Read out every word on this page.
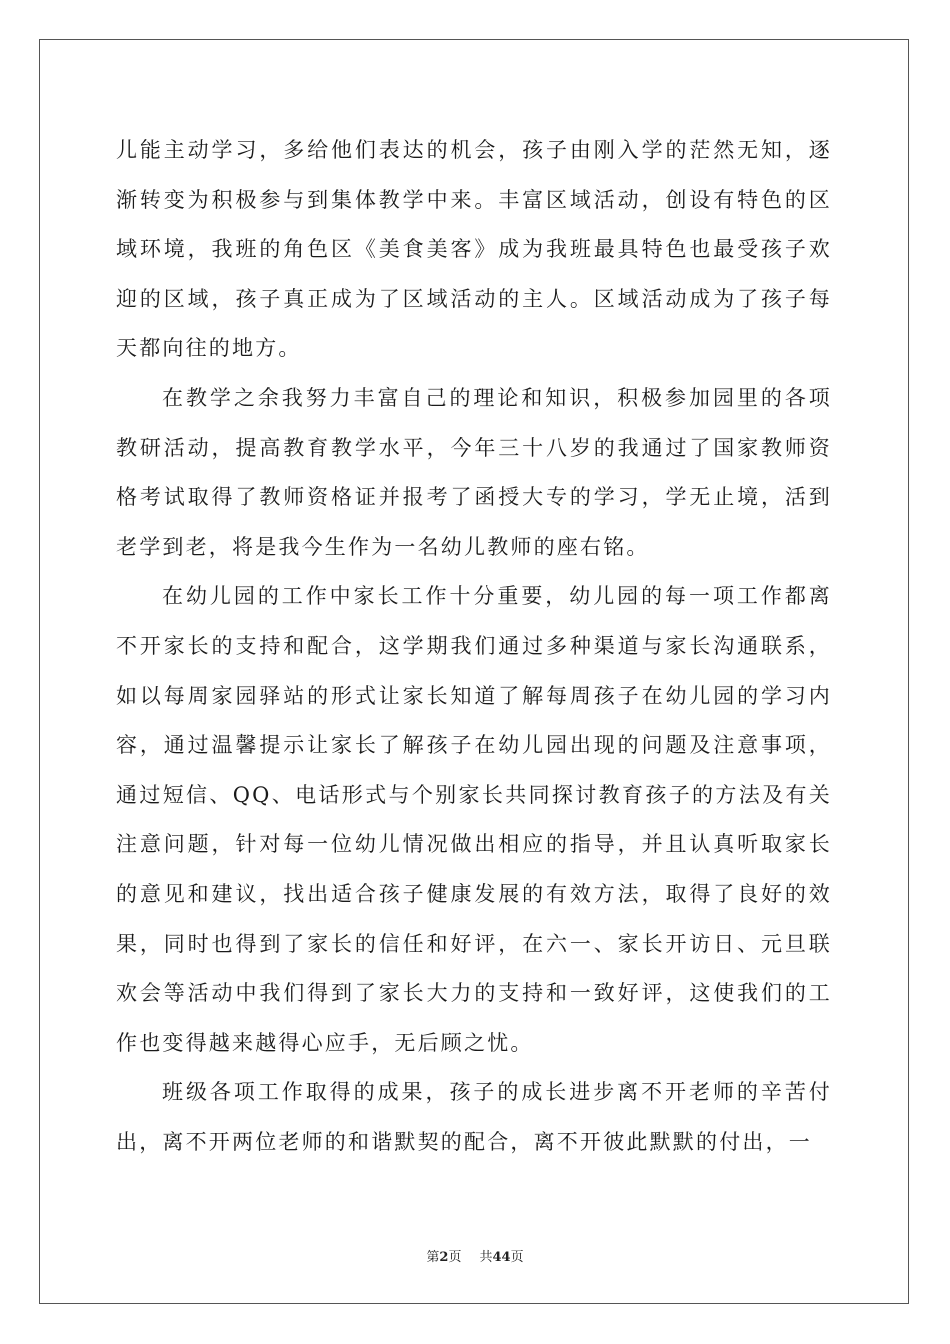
儿能主动学习，多给他们表达的机会，孩子由刚入学的茫然无知，逐渐转变为积极参与到集体教学中来。丰富区域活动，创设有特色的区域环境，我班的角色区《美食美客》成为我班最具特色也最受孩子欢迎的区域，孩子真正成为了区域活动的主人。区域活动成为了孩子每天都向往的地方。

在教学之余我努力丰富自己的理论和知识，积极参加园里的各项教研活动，提高教育教学水平，今年三十八岁的我通过了国家教师资格考试取得了教师资格证并报考了函授大专的学习，学无止境，活到老学到老，将是我今生作为一名幼儿教师的座右铭。

在幼儿园的工作中家长工作十分重要，幼儿园的每一项工作都离不开家长的支持和配合，这学期我们通过多种渠道与家长沟通联系，如以每周家园驿站的形式让家长知道了解每周孩子在幼儿园的学习内容，通过温馨提示让家长了解孩子在幼儿园出现的问题及注意事项，通过短信、QQ、电话形式与个别家长共同探讨教育孩子的方法及有关注意问题，针对每一位幼儿情况做出相应的指导，并且认真听取家长的意见和建议，找出适合孩子健康发展的有效方法，取得了良好的效果，同时也得到了家长的信任和好评，在六一、家长开访日、元旦联欢会等活动中我们得到了家长大力的支持和一致好评，这使我们的工作也变得越来越得心应手，无后顾之忧。

班级各项工作取得的成果，孩子的成长进步离不开老师的辛苦付出，离不开两位老师的和谐默契的配合，离不开彼此默默的付出，一

第2页 共44页
